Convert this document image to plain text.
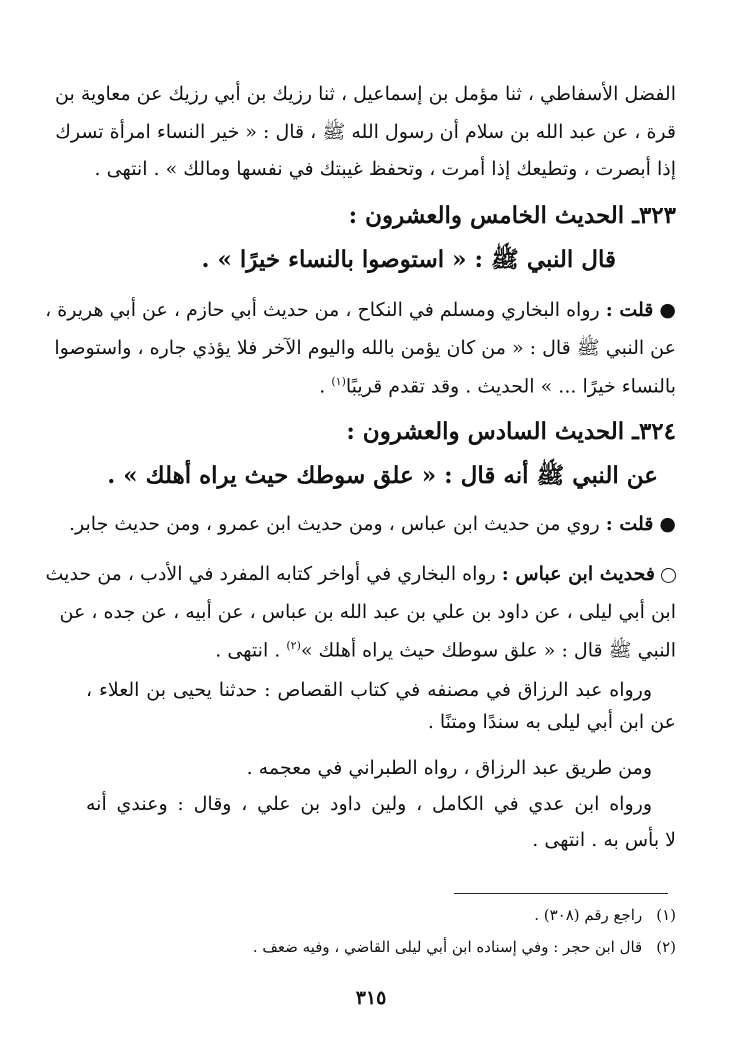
الفضل الأسفاطي ، ثنا مؤمل بن إسماعيل ، ثنا رزيك بن أبي رزيك عن معاوية بن
قرة ، عن عبد الله بن سلام أن رسول الله ﷺ ، قال : « خير النساء امرأة تسرك
إذا أبصرت ، وتطيعك إذا أمرت ، وتحفظ غيبتك في نفسها ومالك » . انتهى .
٣٢٣ـ الحديث الخامس والعشرون :
قال النبي ﷺ : « استوصوا بالنساء خيرًا » .
●قلت : رواه البخاري ومسلم في النكاح ، من حديث أبي حازم ، عن أبي هريرة ،
عن النبي ﷺ قال : « من كان يؤمن بالله واليوم الآخر فلا يؤذي جاره ، واستوصوا
بالنساء خيرًا ... » الحديث . وقد تقدم قريبًا$^{(١)}$ .
٣٢٤ـ الحديث السادس والعشرون :
عن النبي ﷺ أنه قال : « علق سوطك حيث يراه أهلك » .
●قلت : روي من حديث ابن عباس ، ومن حديث ابن عمرو ، ومن حديث جابر.
فحديث ابن عباس : رواه البخاري في أواخر كتابه المفرد في الأدب ، من حديث
ابن أبي ليلى ، عن داود بن علي بن عبد الله بن عباس ، عن أبيه ، عن جده ، عن
النبي ﷺ قال : « علق سوطك حيث يراه أهلك »$^{(٢)}$ . انتهى .
ورواه عبد الرزاق في مصنفه في كتاب القصاص : حدثنا يحيى بن العلاء ،
عن ابن أبي ليلى به سندًا ومتنًا .
ومن طريق عبد الرزاق ، رواه الطبراني في معجمه .
ورواه ابن عدي في الكامل ، ولين داود بن علي ، وقال : وعندي أنه
لا بأس به . انتهى .
(١)راجع رقم (٣٠٨) .
(٢)قال ابن حجر : وفي إسناده ابن أبي ليلى القاضي ، وفيه ضعف .
٣١٥
